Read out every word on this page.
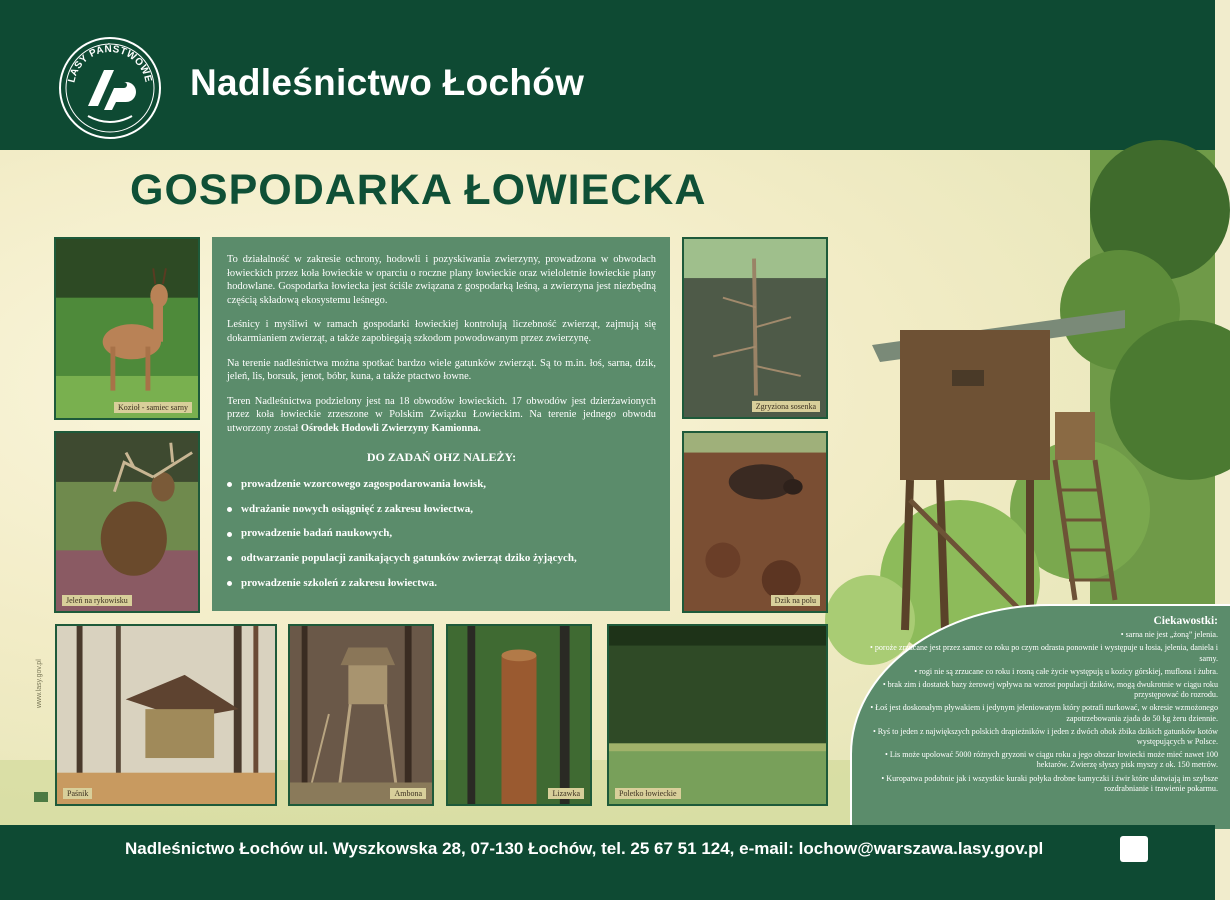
LASY PAŃSTWOWE Nadleśnictwo Łochów
GOSPODARKA ŁOWIECKA
Kozioł - samiec sarny
Jeleń na rykowisku

To działalność w zakresie ochrony, hodowli i pozyskiwania zwierzyny, prowadzona w obwodach łowieckich przez koła łowieckie w oparciu o roczne plany łowieckie oraz wieloletnie łowieckie plany hodowlane. Gospodarka łowiecka jest ściśle związana z gospodarką leśną, a zwierzyna jest niezbędną częścią składową ekosystemu leśnego.

Leśnicy i myśliwi w ramach gospodarki łowieckiej kontrolują liczebność zwierząt, zajmują się dokarmianiem zwierząt, a także zapobiegają szkodom powodowanym przez zwierzynę.

Na terenie nadleśnictwa można spotkać bardzo wiele gatunków zwierząt. Są to m.in. łoś, sarna, dzik, jeleń, lis, borsuk, jenot, bóbr, kuna, a także ptactwo łowne.

Teren Nadleśnictwa podzielony jest na 18 obwodów łowieckich. 17 obwodów jest dzierżawionych przez koła łowieckie zrzeszone w Polskim Związku Łowieckim. Na terenie jednego obwodu utworzony został Ośrodek Hodowli Zwierzyny Kamionna.

DO ZADAŃ OHZ NALEŻY:
prowadzenie wzorcowego zagospodarowania łowisk,
wdrażanie nowych osiągnięć z zakresu łowiectwa,
prowadzenie badań naukowych,
odtwarzanie populacji zanikających gatunków zwierząt dziko żyjących,
prowadzenie szkoleń z zakresu łowiectwa.
Zgryziona sosenka
Dzik na polu
Paśnik	Ambona	Lizawka	Poletko łowieckie
Ciekawostki:
• sarna nie jest „żoną” jelenia.
• poroże zrzucane jest przez samce co roku po czym odrasta ponownie i występuje u łosia, jelenia, daniela i samy.
• rogi nie są zrzucane co roku i rosną całe życie występują u kozicy górskiej, muflona i żubra.
• brak zim i dostatek bazy żerowej wpływa na wzrost populacji dzików, mogą dwukrotnie w ciągu roku przystępować do rozrodu.
• Łoś jest doskonałym pływakiem i jedynym jeleniowatym który potrafi nurkować, w okresie wzmożonego zapotrzebowania zjada do 50 kg żeru dziennie.
• Ryś to jeden z największych polskich drapieżników i jeden z dwóch obok żbika dzikich gatunków kotów występujących w Polsce.
• Lis może upolować 5000 różnych gryzoni w ciągu roku a jego obszar łowiecki może mieć nawet 100 hektarów. Zwierzę słyszy pisk myszy z ok. 150 metrów.
• Kuropatwa podobnie jak i wszystkie kuraki połyka drobne kamyczki i żwir które ułatwiają im szybsze rozdrabnianie i trawienie pokarmu.
www.lasy.gov.pl
Nadleśnictwo Łochów ul. Wyszkowska 28, 07-130 Łochów, tel. 25 67 51 124, e-mail: lochow@warszawa.lasy.gov.pl
